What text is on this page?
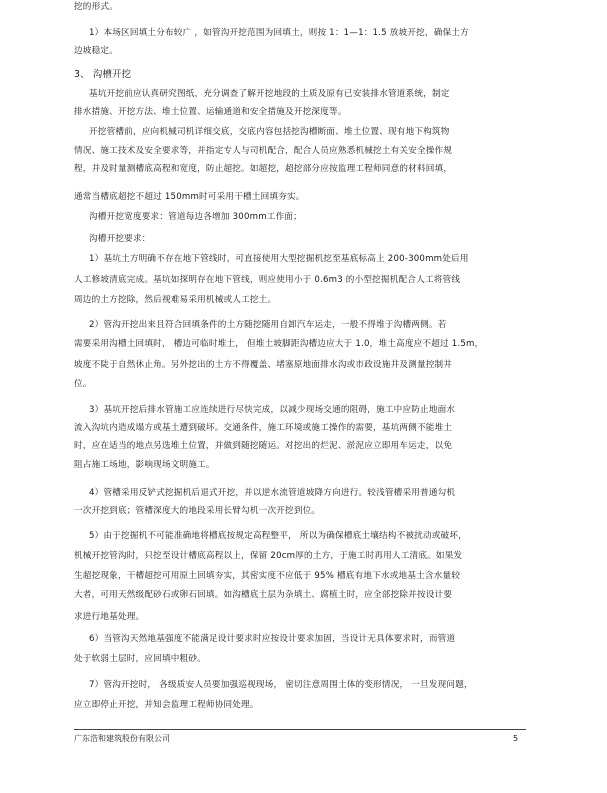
挖的形式。
1）本场区回填土分布较广 ，如管沟开挖范围为回填土，则按 1：1—1：1.5 放坡开挖，确保土方
边坡稳定。
3、 沟槽开挖
基坑开挖前应认真研究图纸，充分调查了解开挖地段的土质及原有已安装排水管道系统，制定
排水措施、开挖方法、堆土位置、运输通道和安全措施及开挖深度等。
开挖管槽前，应向机械司机详细交底，交底内容包括挖沟槽断面、堆土位置、现有地下构筑物
情况、施工技术及安全要求等，并指定专人与司机配合，配合人员应熟悉机械挖土有关安全操作规
程，并及时量测槽底高程和宽度，防止超挖。如超挖，超挖部分应按监理工程师同意的材料回填，
通常当槽底超挖不超过 150mm时可采用干槽土回填夯实。
沟槽开挖宽度要求：管道每边各增加 300mm工作面；
沟槽开挖要求：
1）基坑土方明确不存在地下管线时，可直接使用大型挖掘机挖至基底标高上 200-300mm处后用
人工修坡清底完成。基坑如探明存在地下管线，则应使用小于 0.6m3 的小型挖掘机配合人工将管线
周边的土方挖除，然后视难易采用机械或人工挖土。
2）管沟开挖出来且符合回填条件的土方随挖随用自卸汽车运走，一般不得堆于沟槽两侧。若
需要采用沟槽土回填时， 槽边可临时堆土， 但堆土坡脚距沟槽边应大于 1.0，堆土高度应不超过 1.5m，
坡度不陡于自然休止角。另外挖出的土方不得覆盖、堵塞原地面排水沟或市政设施井及测量控制井
位。
3）基坑开挖后排水管施工应连续进行尽快完成，以减少现场交通的阻碍，施工中应防止地面水
流入沟坑内造成塌方或基土遭到破坏。交通条件，施工环境或施工操作的需要，基坑两侧不能堆土
时，应在适当的地点另选堆土位置，并做到随挖随运。对挖出的烂泥、淤泥应立即用车运走，以免
阻占施工场地，影响现场文明施工。
4）管槽采用反铲式挖掘机后退式开挖，并以逆水流管道坡降方向进行。较浅管槽采用普通勾机
一次开挖到底；管槽深度大的地段采用长臂勾机一次开挖到位。
5）由于挖掘机不可能准确地将槽底按规定高程整平， 所以为确保槽底土壤结构不被扰动或破坏，
机械开挖管沟时，只挖至设计槽底高程以上，保留 20cm厚的土方，于施工时再用人工清底。如果发
生超挖现象，干槽超挖可用原土回填夯实，其密实度不应低于 95% 槽底有地下水或地基土含水量较
大者，可用天然级配砂石或卵石回填。如沟槽底土层为杂填土、腐植土时，应全部挖除并按设计要
求进行地基处理。
6）当管沟天然地基强度不能满足设计要求时应按设计要求加固，当设计无具体要求时，而管道
处于软弱土层时，应回填中粗砂。
7）管沟开挖时， 各级质安人员要加强巡视现场， 密切注意周围土体的变形情况， 一旦发现问题，
应立即停止开挖，并知会监理工程师协同处理。
广东浩和建筑股份有限公司	5
